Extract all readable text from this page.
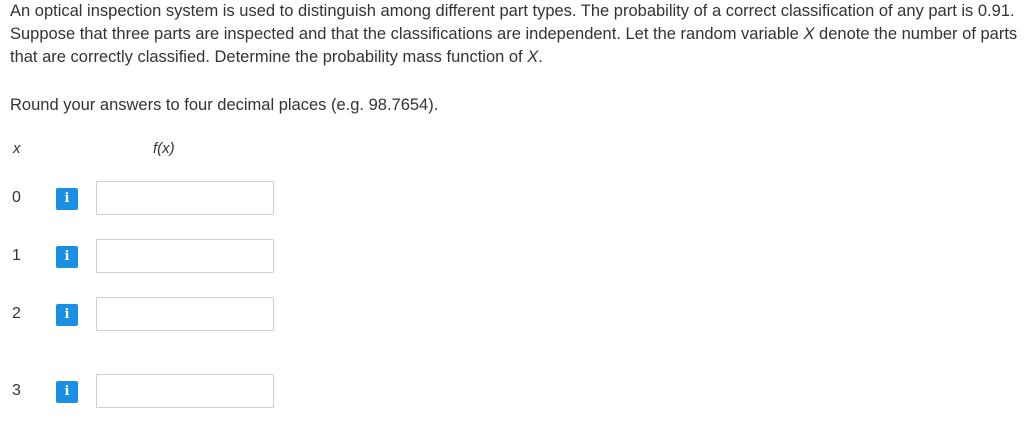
An optical inspection system is used to distinguish among different part types. The probability of a correct classification of any part is 0.91. Suppose that three parts are inspected and that the classifications are independent. Let the random variable X denote the number of parts that are correctly classified. Determine the probability mass function of X.

Round your answers to four decimal places (e.g. 98.7654).

x	f(x)
0	i
1	i
2	i
3	i
